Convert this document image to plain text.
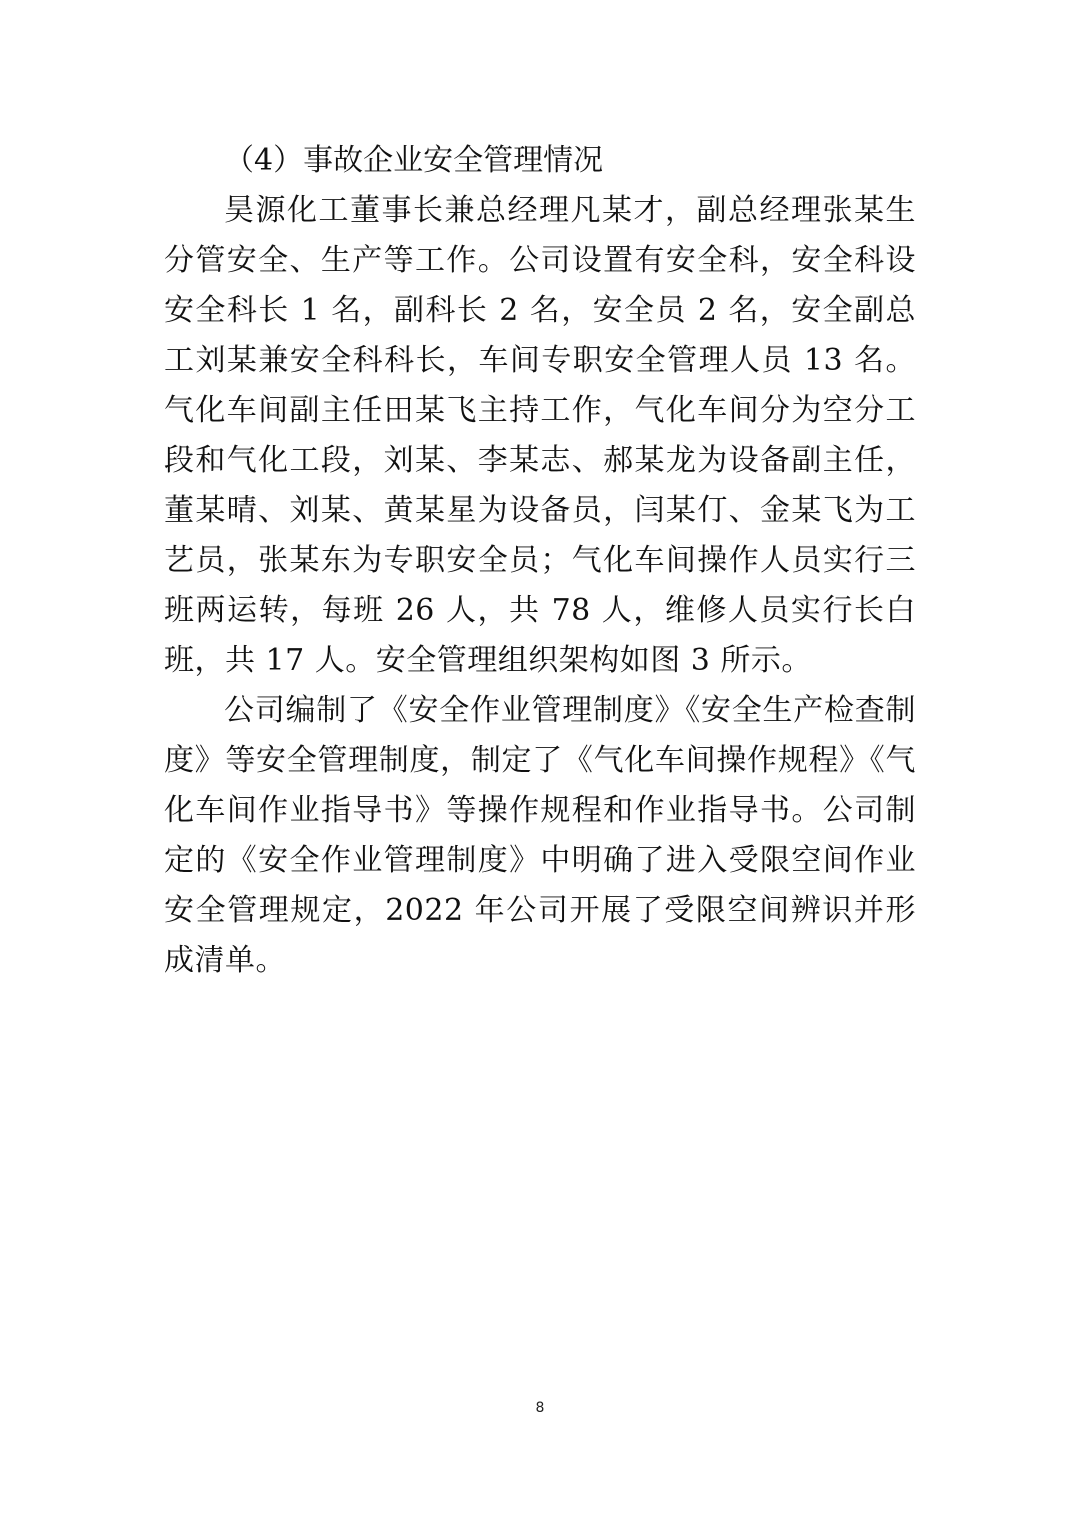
（4）事故企业安全管理情况

昊源化工董事长兼总经理凡某才，副总经理张某生分管安全、生产等工作。公司设置有安全科，安全科设安全科长 1 名，副科长 2 名，安全员 2 名，安全副总工刘某兼安全科科长，车间专职安全管理人员 13 名。气化车间副主任田某飞主持工作，气化车间分为空分工段和气化工段，刘某、李某志、郝某龙为设备副主任，董某晴、刘某、黄某星为设备员，闫某仃、金某飞为工艺员，张某东为专职安全员；气化车间操作人员实行三班两运转，每班 26 人，共 78 人，维修人员实行长白班，共 17 人。安全管理组织架构如图 3 所示。

公司编制了《安全作业管理制度》《安全生产检查制度》等安全管理制度，制定了《气化车间操作规程》《气化车间作业指导书》等操作规程和作业指导书。公司制定的《安全作业管理制度》中明确了进入受限空间作业安全管理规定，2022 年公司开展了受限空间辨识并形成清单。

8
